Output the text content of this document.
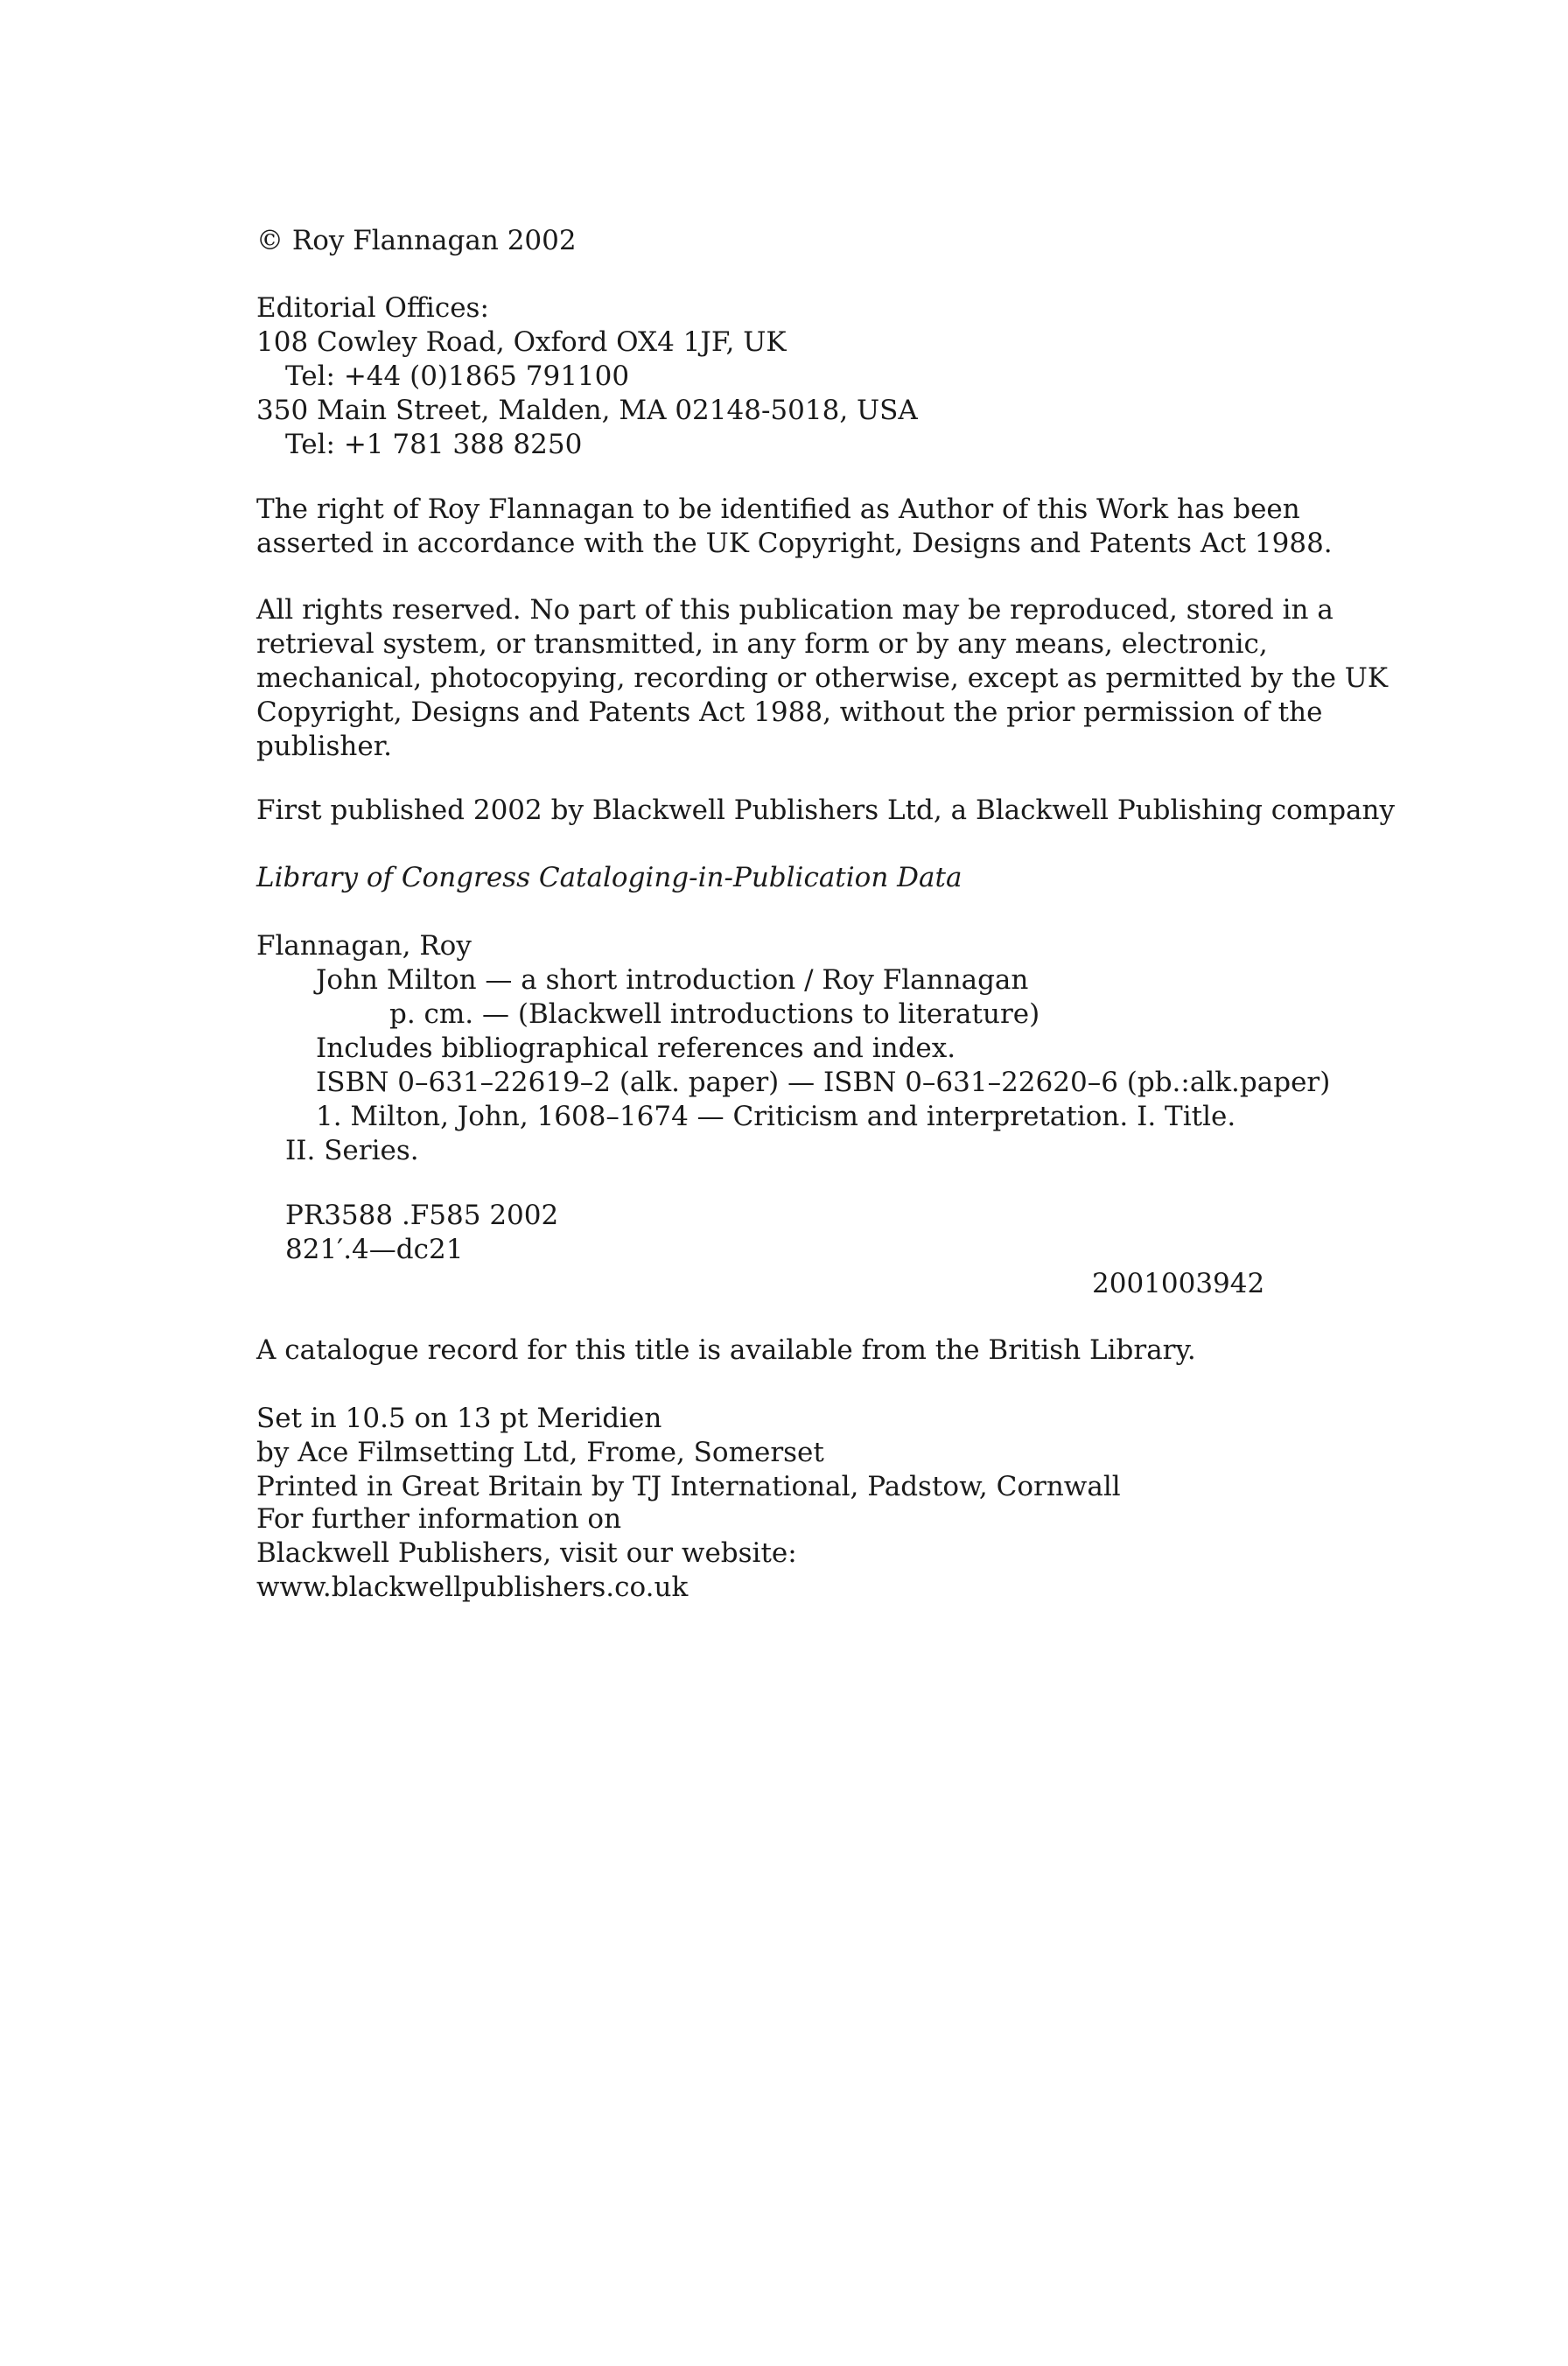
© Roy Flannagan 2002
Editorial Offices:
108 Cowley Road, Oxford OX4 1JF, UK
Tel: +44 (0)1865 791100
350 Main Street, Malden, MA 02148-5018, USA
Tel: +1 781 388 8250
The right of Roy Flannagan to be identified as Author of this Work has been
asserted in accordance with the UK Copyright, Designs and Patents Act 1988.
All rights reserved. No part of this publication may be reproduced, stored in a
retrieval system, or transmitted, in any form or by any means, electronic,
mechanical, photocopying, recording or otherwise, except as permitted by the UK
Copyright, Designs and Patents Act 1988, without the prior permission of the
publisher.
First published 2002 by Blackwell Publishers Ltd, a Blackwell Publishing company
Library of Congress Cataloging-in-Publication Data
Flannagan, Roy
John Milton — a short introduction / Roy Flannagan
p. cm. — (Blackwell introductions to literature)
Includes bibliographical references and index.
ISBN 0–631–22619–2 (alk. paper) — ISBN 0–631–22620–6 (pb.:alk.paper)
1. Milton, John, 1608–1674 — Criticism and interpretation. I. Title.
II. Series.
PR3588 .F585 2002
821′.4—dc21
2001003942
A catalogue record for this title is available from the British Library.
Set in 10.5 on 13 pt Meridien
by Ace Filmsetting Ltd, Frome, Somerset
Printed in Great Britain by TJ International, Padstow, Cornwall
For further information on
Blackwell Publishers, visit our website:
www.blackwellpublishers.co.uk
